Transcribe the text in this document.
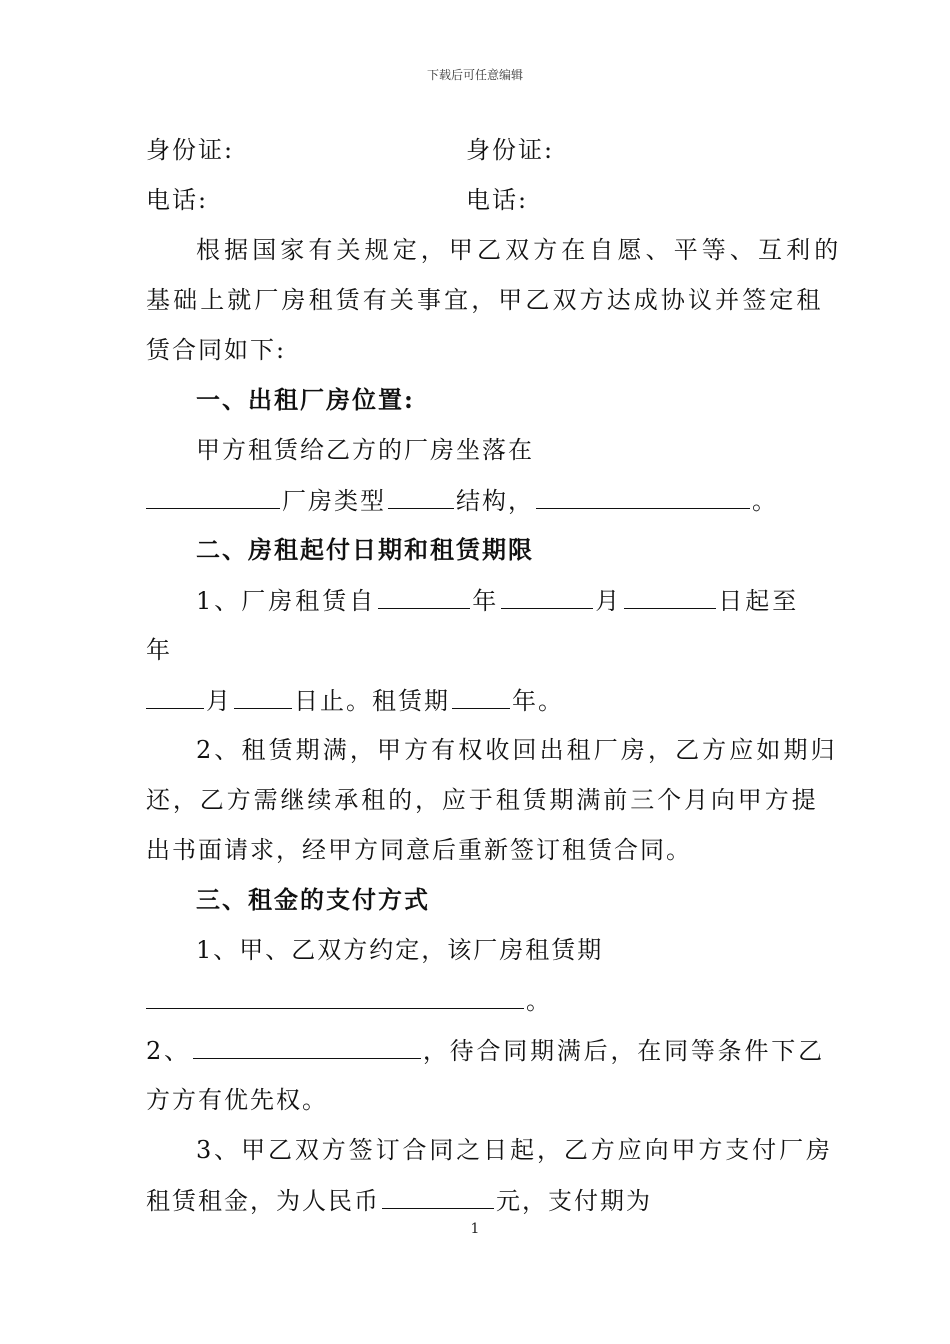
下载后可任意编辑
身份证:	身份证:
电话:	电话:
根据国家有关规定，甲乙双方在自愿、平等、互利的
基础上就厂房租赁有关事宜，甲乙双方达成协议并签定租
赁合同如下:
一、出租厂房位置:
甲方租赁给乙方的厂房坐落在
厂房类型	结构，	。
二、房租起付日期和租赁期限
1、厂房租赁自	年	月	日起至
年
月	日止。租赁期	年。
2、租赁期满，甲方有权收回出租厂房，乙方应如期归
还，乙方需继续承租的，应于租赁期满前三个月向甲方提
出书面请求，经甲方同意后重新签订租赁合同。
三、租金的支付方式
1、甲、乙双方约定，该厂房租赁期
。
2、	，待合同期满后，在同等条件下乙
方方有优先权。
3、甲乙双方签订合同之日起，乙方应向甲方支付厂房
租赁租金，为人民币	元，支付期为
1
